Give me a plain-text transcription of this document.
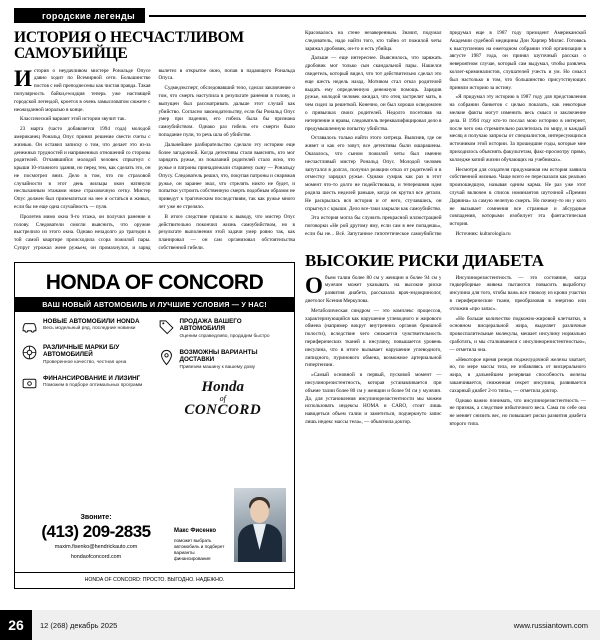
городские легенды
ИСТОРИЯ О НЕСЧАСТЛИВОМ САМОУБИЙЦЕ

История о неудачливом мистере Рональде Опусе давно ходит по Всемирной сети. Большинство постов с ней преподнесены как чистая правда. Такая популярность байки,ewидция теперь уже настоящей городской легендой, кроется в очень замысловатом сюжете с неожиданной моралью в конце.

Классический вариант этой истории звучит так.

23 марта (часто добавляется 1994 года) молодой американец Рональд Опус принял решение свести счеты с жизнью. Он оставил записку о том, что делает это из-за денежных трудностей и напряженных отношений со стороны родителей. Отчаявшийся молодой человек спрыгнул с крыши 10-этажного здания, но перед тем, как сделать это, он не посмотрел вниз. Дело в том, что по страховой случайности в этот день жильцы окон натянули неслыханным этажами ниже страховочную сетку. Мистер Опус должен был приземлиться на нее и остаться в живых, если бы не еще одна случайность — пуля.

Пролетев мимо окна 9-го этажа, он получил ранение в голову. Следователи смогли выяснить, что оружие выстрелило из этого окна. Однако незадолго до трагедии в той самой квартире происходила ссора пожилой пары. Супруг угрожал жене ружьем, он промахнулся, и заряд вылетел в открытое окно, попав в падающего Рональда Опуса.

Судмедэксперт, обследовавший тело, сделал заключение о том, что смерть наступила в результате ранения в голову, и выпущен был рассматривать дальше этот случай как убийство. Согласно законодательству, если бы Рональд Опус умер при падении, его гибель была бы признана самоубийством. Однако раз гибель его смерти было попадание пули, то речь шла об убийстве.

Дальнейшее разбирательство сделало эту историю еще более загадочной. Когда детективы стали выяснять, кто мог зарядить ружье, из показаний родителей стало ясно, что ружье и патроны принадлежали старшему сыну — Рональду Опусу. Следователь решил, что, покупая патроны и снаряжая ружье, он заранее знал, что стрелять никто не будет, и попытки устроить собственную смерть подобным образом не приведут к трагическим последствиям, так как ружье много лет уже не стреляло.

В итоге следствие пришло к выводу, что мистер Опус действительно покончил жизнь самоубийством, но в результате выполнения этой задачи умер ровно так, как планировал — он сам организовал обстоятельства собственной гибели.

HONDA OF CONCORD
ВАШ НОВЫЙ АВТОМОБИЛЬ И ЛУЧШИЕ УСЛОВИЯ — У НАС!
НОВЫЕ АВТОМОБИЛИ HONDA
Весь модельный ряд, последние новинки
РАЗЛИЧНЫЕ МАРКИ Б/У АВТОМОБИЛЕЙ
Проверенное качество, честная цена
ФИНАНСИРОВАНИЕ И ЛИЗИНГ
Поможем в подборе оптимальных программ
ПРОДАЖА ВАШЕГО АВТОМОБИЛЯ
Оценим справедливо, продадим быстро
ВОЗМОЖНЫ ВАРИАНТЫ ДОСТАВКИ
Привезем машину к вашему дому
Honda
of
CONCORD
Звоните:
(413) 209-2835
maxim.fisenko@hendrickauto.com
hondaofconcord.com
Макс Фисенко
поможет выбрать автомобиль и подберет варианты финансирования
HONDA OF CONCORD: ПРОСТО. ВЫГОДНО. НАДЕЖНО.

Красовалось на стене незаверенным. Значит, подумал следователь, надо найти того, кто тайно от пожилой четы заряжал дробовик, он-то и есть убийца.

Дальше — еще интереснее. Выяснилось, что заряжать дробовик мог только сын скандальной пары. Нашелся свидетель, который видел, что тот действительно сделал это еще шесть недель назад. Мотивом стал отказ родителей выдать ему определенную денежную помощь. Зарядив ружье, молодой человек ожидал, что отец застрелит мать, в чем сидел за решеткой. Конечно, он был хорошо осведомлен о привычках своих родителей. Недолго посетовав на нетерпение и нравы, следователь переквалифицировал дело в предумышленную попытку убийства.

Оставалось только найти этого хитреца. Выяснив, где он живет и как его зовут, все детективы были ошарашены. Оказалось, что сыном пожилой четы был именно несчастливый мистер Рональд Опус. Молодой человек запутался в долгах, получил реакции отказ от родителей и в отместку зарядил ружье. Однако сумрак как раз в этот момент что-то долго не подействовала, и теперешняя идея родила шесть неделей раньше, когда он крутил все детали. Не раскрылась вся история и от него, стучавшись, он спрыгнул с крыши. Дело все-таки закрыли как самоубийство.

Эта история могла бы служить прекрасной иллюстрацией поговорки «Не рой другому яму, если сам в нее попадешь», если бы не... Всё. Запутанное гипотетическое самоубийство придумал еще в 1987 году президент Американской Академии судебной медицины Дон Харпер Милис. Готовясь к выступлению на ежегодном собрании этой организации в августе 1987 года, он принял шуточный рассказ о невероятном случае, который сам выдумал, чтобы развлечь коллег-криминалистов, слушателей учесть и ум. Но смысл был настолько в том, что большинство присутствующих приняли историю за истину.

«Я придумал эту историю в 1987 году для представления на собрании банкетов с целью показать, как некоторые мелкие факты могут изменить весь смысл и заключение дела. В 1994 году кто-то послал мою историю в интернет, после чего она стремительно разлетелась по миру, и каждый месяц я получаю запросы от специалистов, интересующихся источником этой истории. За прошедшие годы, которые мне приходилось объяснять факультетам, факс-просмотру прямо, колледже копий жизни обучающих на учебниках».

Несмотря для создателя придуманная им история заявила собственной жизнью. Чаще всего ее пересказали как реально произошедшую, называя одним карма. Не раз уже этот случай включен в список номинантов шуточной «Премии Дарвина» за самую нелепую смерть. Но почему-то ни у кого не вызывает сомнения все странные и абсурдные совпадения, которыми изобилует эта фантастическая история.

Источник: kulturologia.ru

ВЫСОКИЕ РИСКИ ДИАБЕТА

Объем талии более 80 см у женщин и более 94 см у мужчин может указывать на высокие риски развития диабета, рассказала врач-эндокринолог, диетолог Ксения Меркулова.

Метаболическая синдром — это комплекс процессов, характеризующийся как нарушение углеводного и жирового обмена (например вокруг внутренних органов брюшной полости), вследствие чего снижается чувствительность периферических тканей к инсулину, повышается уровень инсулина, что в итоге вызывает нарушение углеводного, липидного, пуринового обмена, возможное артериальной гипертензии.

«Самый основной и первый, пусковой момент — инсулинорезистентность, которая устанавливается при объеме талии более 80 см у женщин и более 94 см у мужчин. Да, для установления инсулинорезистентности мы можем использовать индексы HOMA и CARO, стоит лишь навидеться объем талии и заметиться, подчеркнуто запис лишь индекс массы тела», — объяснила доктор.

Инсулинорезистентность — это состояние, когда гидкерборные живека пытаются повысить выработку инсулина для того, чтобы важь все глюкозу из крови участки в периферические ткани, преобразовав в энергию или отложив «про запас».

«Но больше количество подкожно-жировой клетчатки, в основном висцеральной жира, выделяет различные провоспалительные молекулы, мешает инсулину нормально сработать, и мы сталкиваемся с инсулинорезистентностью», — отметила она.

«Некоторое время резерв поджелудочной железы хватает, но, по мере массы тела, не избавляясь от висцерального жира, в дальнейшем резервная способность железы заканчивается, сниженная секрет инсулина, развивается сахарный диабет 2-го типа», — отметила доктор.

Однако важно понимать, что инсулинорезистентность — не признак, а следствие избыточного веса. Сама по себе она не меняет снизить вес, но повышает риски развития диабета второго типа.

26	12 (268) декабрь 2025	www.russiantown.com
